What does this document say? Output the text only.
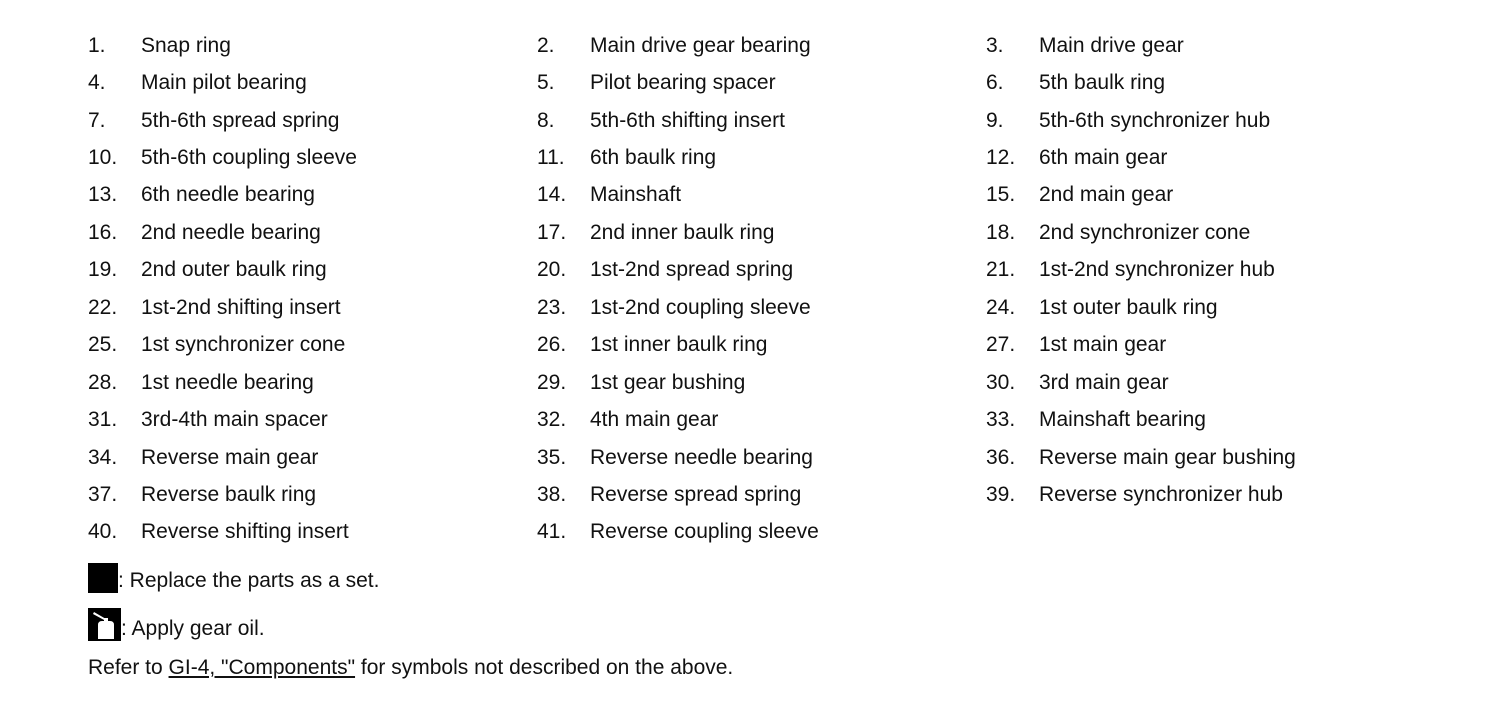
1.	Snap ring	2.	Main drive gear bearing	3.	Main drive gear
4.	Main pilot bearing	5.	Pilot bearing spacer	6.	5th baulk ring
7.	5th-6th spread spring	8.	5th-6th shifting insert	9.	5th-6th synchronizer hub
10.	5th-6th coupling sleeve	11.	6th baulk ring	12.	6th main gear
13.	6th needle bearing	14.	Mainshaft	15.	2nd main gear
16.	2nd needle bearing	17.	2nd inner baulk ring	18.	2nd synchronizer cone
19.	2nd outer baulk ring	20.	1st-2nd spread spring	21.	1st-2nd synchronizer hub
22.	1st-2nd shifting insert	23.	1st-2nd coupling sleeve	24.	1st outer baulk ring
25.	1st synchronizer cone	26.	1st inner baulk ring	27.	1st main gear
28.	1st needle bearing	29.	1st gear bushing	30.	3rd main gear
31.	3rd-4th main spacer	32.	4th main gear	33.	Mainshaft bearing
34.	Reverse main gear	35.	Reverse needle bearing	36.	Reverse main gear bushing
37.	Reverse baulk ring	38.	Reverse spread spring	39.	Reverse synchronizer hub
40.	Reverse shifting insert	41.	Reverse coupling sleeve
: Replace the parts as a set.
: Apply gear oil.
Refer to GI-4, "Components" for symbols not described on the above.
